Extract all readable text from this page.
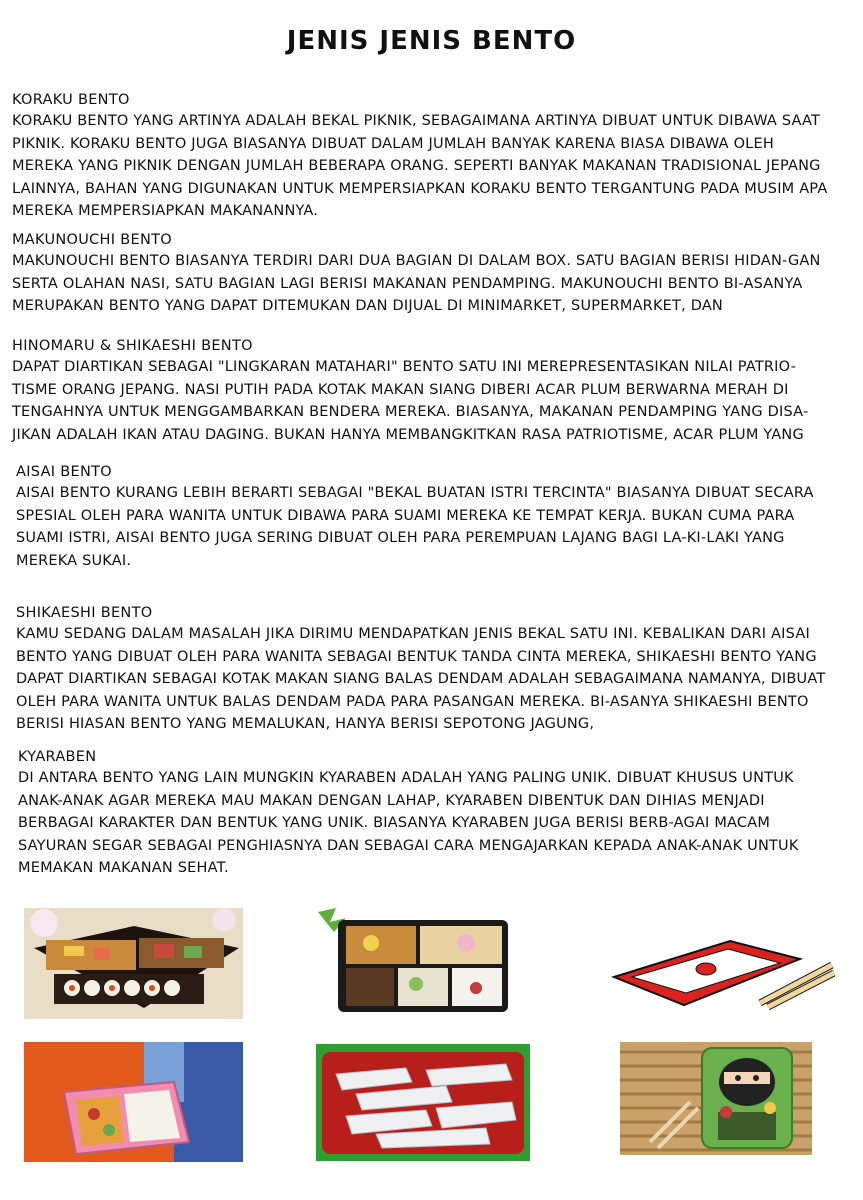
JENIS JENIS BENTO
KORAKU BENTO

KORAKU BENTO YANG ARTINYA ADALAH BEKAL PIKNIK, SEBAGAIMANA ARTINYA DIBUAT UNTUK DIBAWA SAAT PIKNIK. KORAKU BENTO JUGA BIASANYA DIBUAT DALAM JUMLAH BANYAK KARENA BIASA DIBAWA OLEH MEREKA YANG PIKNIK DENGAN JUMLAH BEBERAPA ORANG. SEPERTI BANYAK MAKANAN TRADISIONAL JEPANG LAINNYA, BAHAN YANG DIGUNAKAN UNTUK MEMPERSIAPKAN KORAKU BENTO TERGANTUNG PADA MUSIM APA MEREKA MEMPERSIAPKAN MAKANANNYA.

MAKUNOUCHI BENTO

MAKUNOUCHI BENTO BIASANYA TERDIRI DARI DUA BAGIAN DI DALAM BOX. SATU BAGIAN BERISI HIDAN-GAN SERTA OLAHAN NASI, SATU BAGIAN LAGI BERISI MAKANAN PENDAMPING. MAKUNOUCHI BENTO BI-ASANYA MERUPAKAN BENTO YANG DAPAT DITEMUKAN DAN DIJUAL DI MINIMARKET, SUPERMARKET, DAN

HINOMARU & SHIKAESHI BENTO

DAPAT DIARTIKAN SEBAGAI "LINGKARAN MATAHARI" BENTO SATU INI MEREPRESENTASIKAN NILAI PATRIO-TISME ORANG JEPANG. NASI PUTIH PADA KOTAK MAKAN SIANG DIBERI ACAR PLUM BERWARNA MERAH DI TENGAHNYA UNTUK MENGGAMBARKAN BENDERA MEREKA. BIASANYA, MAKANAN PENDAMPING YANG DISA-JIKAN ADALAH IKAN ATAU DAGING. BUKAN HANYA MEMBANGKITKAN RASA PATRIOTISME, ACAR PLUM YANG

AISAI BENTO

AISAI BENTO KURANG LEBIH BERARTI SEBAGAI "BEKAL BUATAN ISTRI TERCINTA" BIASANYA DIBUAT SECARA SPESIAL OLEH PARA WANITA UNTUK DIBAWA PARA SUAMI MEREKA KE TEMPAT KERJA. BUKAN CUMA PARA SUAMI ISTRI, AISAI BENTO JUGA SERING DIBUAT OLEH PARA PEREMPUAN LAJANG BAGI LA-KI-LAKI YANG MEREKA SUKAI.

SHIKAESHI BENTO

KAMU SEDANG DALAM MASALAH JIKA DIRIMU MENDAPATKAN JENIS BEKAL SATU INI. KEBALIKAN DARI AISAI BENTO YANG DIBUAT OLEH PARA WANITA SEBAGAI BENTUK TANDA CINTA MEREKA, SHIKAESHI BENTO YANG DAPAT DIARTIKAN SEBAGAI KOTAK MAKAN SIANG BALAS DENDAM ADALAH SEBAGAIMANA NAMANYA, DIBUAT OLEH PARA WANITA UNTUK BALAS DENDAM PADA PARA PASANGAN MEREKA. BI-ASANYA SHIKAESHI BENTO BERISI HIASAN BENTO YANG MEMALUKAN, HANYA BERISI SEPOTONG JAGUNG,

KYARABEN

DI ANTARA BENTO YANG LAIN MUNGKIN KYARABEN ADALAH YANG PALING UNIK. DIBUAT KHUSUS UNTUK ANAK-ANAK AGAR MEREKA MAU MAKAN DENGAN LAHAP, KYARABEN DIBENTUK DAN DIHIAS MENJADI BERBAGAI KARAKTER DAN BENTUK YANG UNIK. BIASANYA KYARABEN JUGA BERISI BERB-AGAI MACAM SAYURAN SEGAR SEBAGAI PENGHIASNYA DAN SEBAGAI CARA MENGAJARKAN KEPADA ANAK-ANAK UNTUK MEMAKAN MAKANAN SEHAT.
